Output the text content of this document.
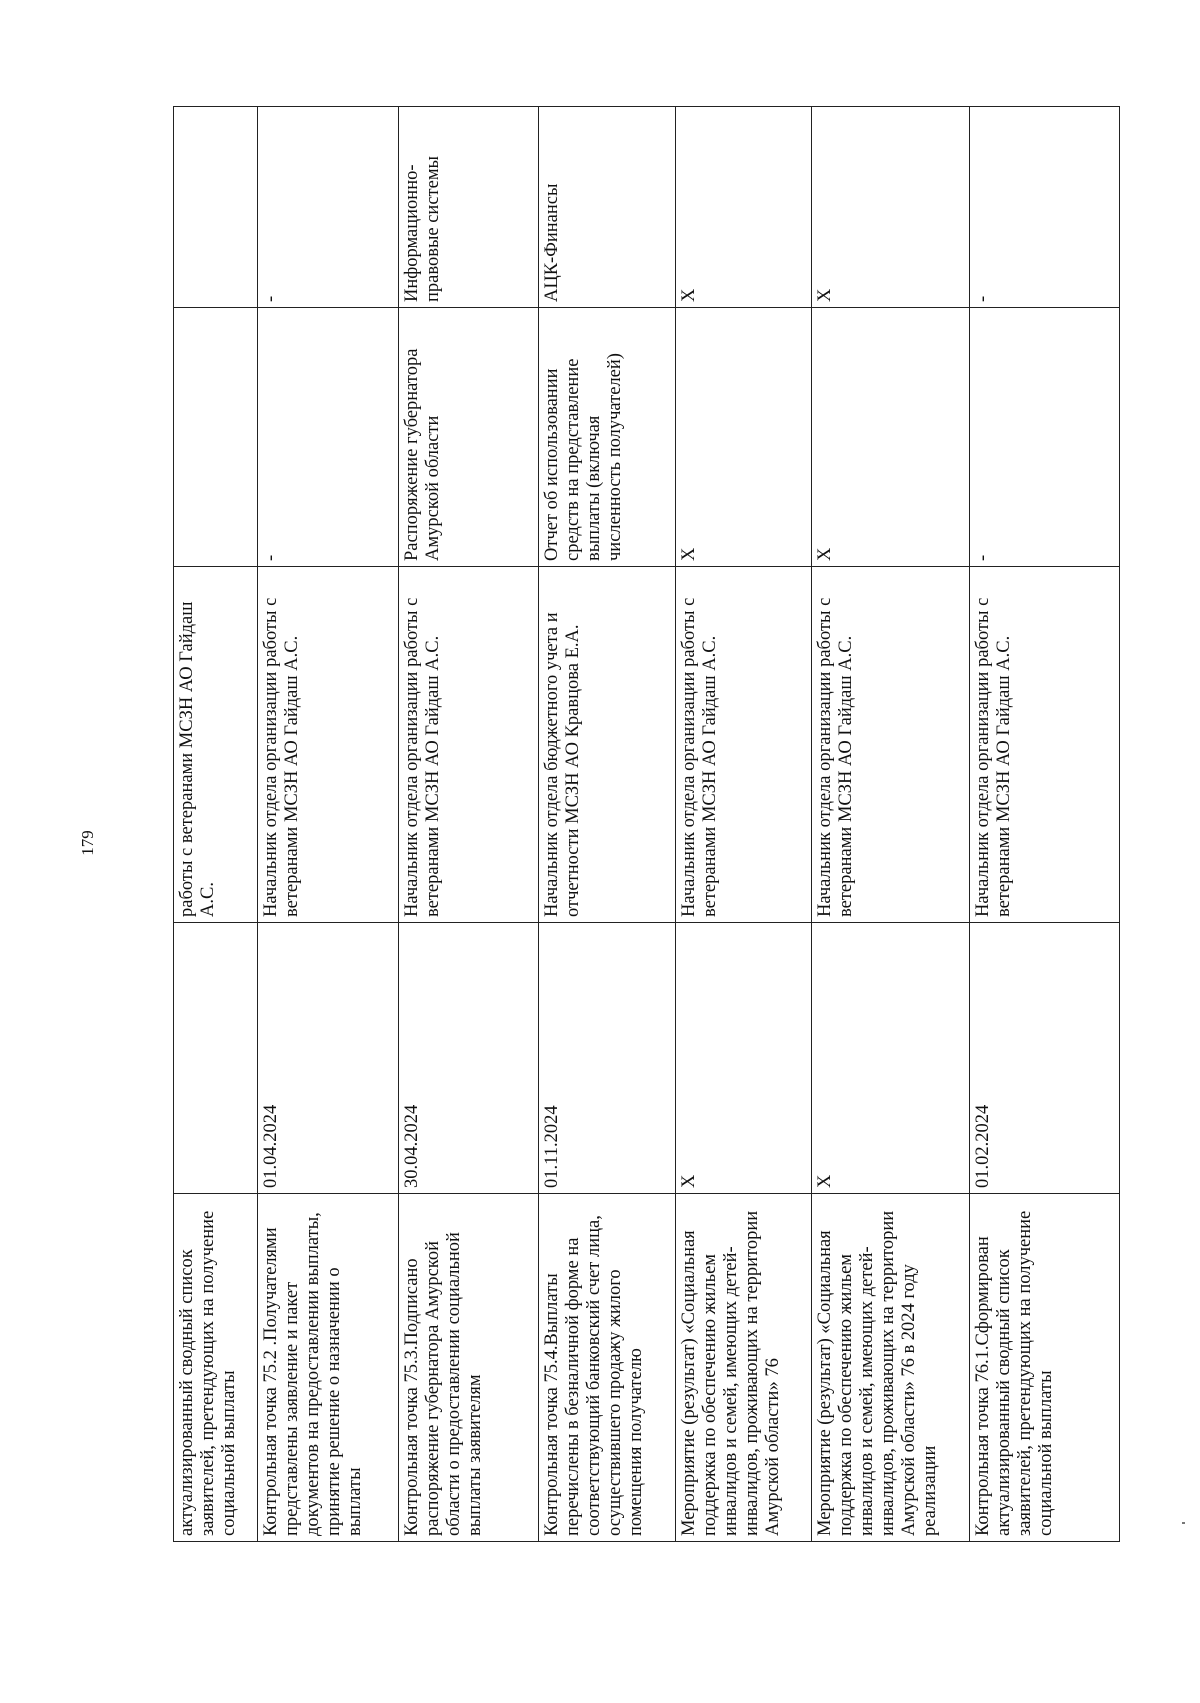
179
актуализированный сводный список заявителей, претендующих на получение социальной выплаты		работы с ветеранами МСЗН АО Гайдаш А.С.		

Контрольная точка 75.2 .Получателями представлены заявление и пакет документов на предоставлении выплаты, принятие решение о назначении о выплаты	01.04.2024	Начальник отдела организации работы с ветеранами МСЗН АО Гайдаш А.С.	-	-

Контрольная точка 75.3.Подписано распоряжение губернатора Амурской области о предоставлении социальной выплаты заявителям	30.04.2024	Начальник отдела организации работы с ветеранами МСЗН АО Гайдаш А.С.	Распоряжение губернатора Амурской области	Информационно-правовые системы

Контрольная точка 75.4.Выплаты перечислены в безналичной форме на соответствующий банковский счет лица, осуществившего продажу жилого помещения получателю	01.11.2024	Начальник отдела бюджетного учета и отчетности МСЗН АО Кравцова Е.А.	Отчет об использовании средств на представление выплаты (включая численность получателей)	АЦК-Финансы

Мероприятие (результат) «Социальная поддержка по обеспечению жильем инвалидов и семей, имеющих детей-инвалидов, проживающих на территории Амурской области» 76	X	Начальник отдела организации работы с ветеранами МСЗН АО Гайдаш А.С.	X	X

Мероприятие (результат) «Социальная поддержка по обеспечению жильем инвалидов и семей, имеющих детей-инвалидов, проживающих на территории Амурской области» 76 в 2024 году реализации	X	Начальник отдела организации работы с ветеранами МСЗН АО Гайдаш А.С.	X	X

Контрольная точка 76.1.Сформирован актуализированный сводный список заявителей, претендующих на получение социальной выплаты	01.02.2024	Начальник отдела организации работы с ветеранами МСЗН АО Гайдаш А.С.	-	-
